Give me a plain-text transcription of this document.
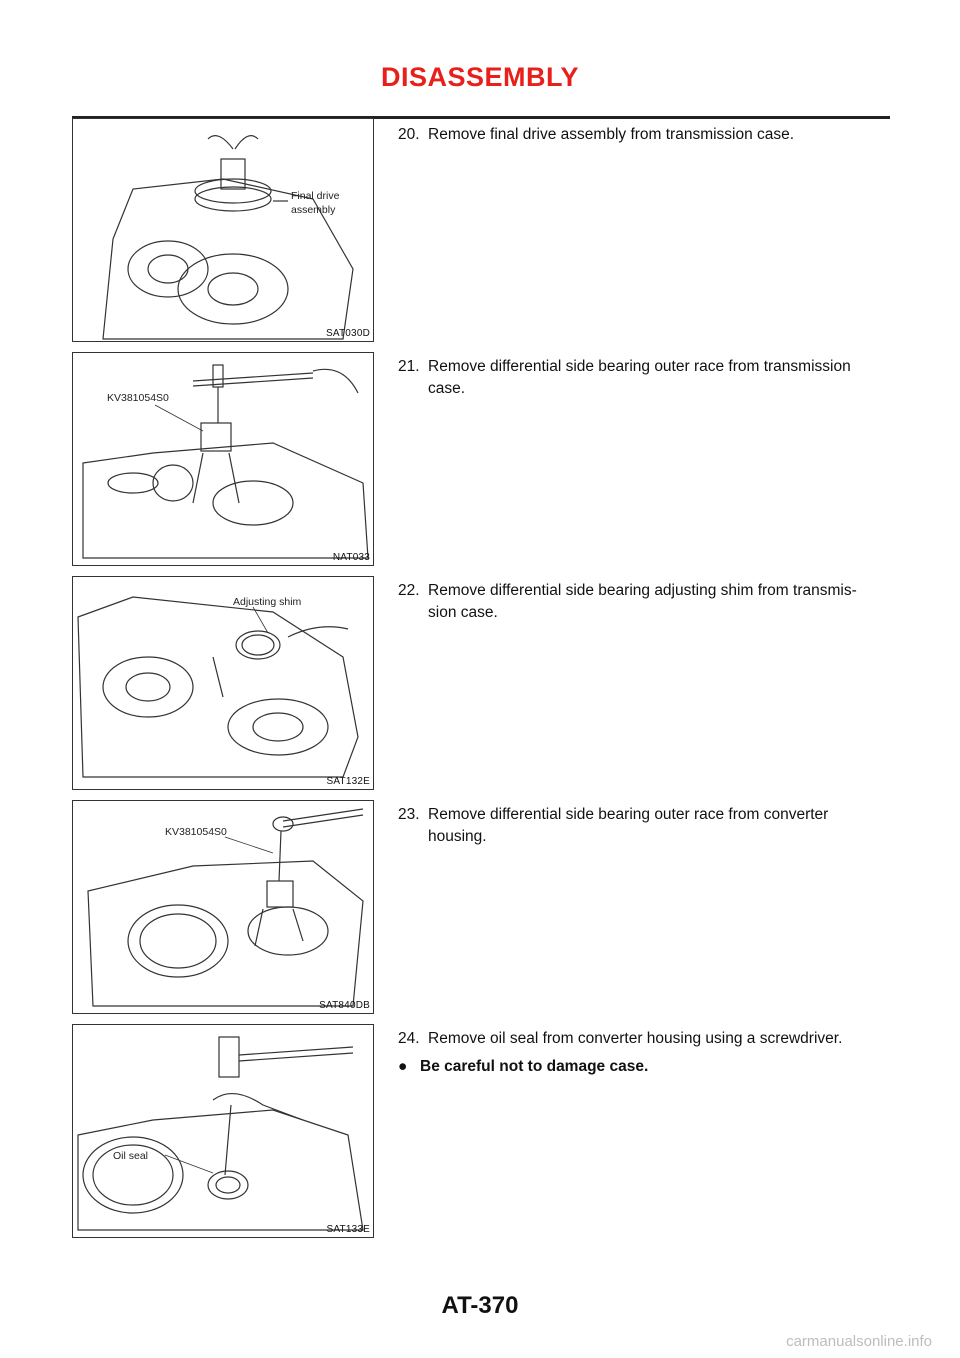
DISASSEMBLY
Final drive
assembly
SAT030D
KV381054S0
NAT033
Adjusting shim
SAT132E
KV381054S0
SAT840DB
Oil seal
SAT133E
20. Remove final drive assembly from transmission case.
21. Remove differential side bearing outer race from transmission
case.
22. Remove differential side bearing adjusting shim from transmis-
sion case.
23. Remove differential side bearing outer race from converter
housing.
24. Remove oil seal from converter housing using a screwdriver.
● Be careful not to damage case.
AT-370
carmanualsonline.info
